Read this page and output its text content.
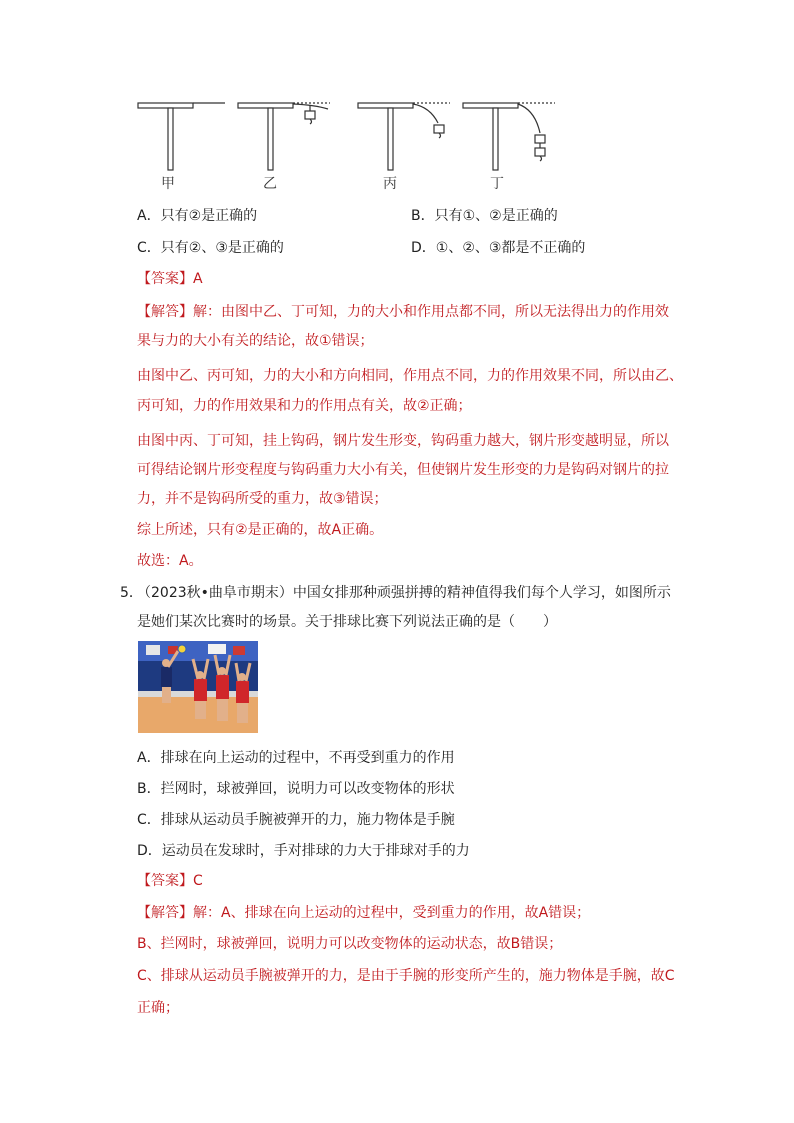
甲	乙	丙	丁
A．只有②是正确的	B．只有①、②是正确的
C．只有②、③是正确的	D．①、②、③都是不正确的
【答案】A
【解答】解：由图中乙、丁可知，力的大小和作用点都不同，所以无法得出力的作用效
果与力的大小有关的结论，故①错误；
由图中乙、丙可知，力的大小和方向相同，作用点不同，力的作用效果不同，所以由乙、
丙可知，力的作用效果和力的作用点有关，故②正确；
由图中丙、丁可知，挂上钩码，钢片发生形变，钩码重力越大，钢片形变越明显，所以
可得结论钢片形变程度与钩码重力大小有关，但使钢片发生形变的力是钩码对钢片的拉
力，并不是钩码所受的重力，故③错误；
综上所述，只有②是正确的，故A正确。
故选：A。
5．
（2023秋•曲阜市期末）中国女排那种顽强拼搏的精神值得我们每个人学习，如图所示
是她们某次比赛时的场景。关于排球比赛下列说法正确的是（　　）
A．排球在向上运动的过程中，不再受到重力的作用
B．拦网时，球被弹回，说明力可以改变物体的形状
C．排球从运动员手腕被弹开的力，施力物体是手腕
D．运动员在发球时，手对排球的力大于排球对手的力
【答案】C
【解答】解：A、排球在向上运动的过程中，受到重力的作用，故A错误；
B、拦网时，球被弹回，说明力可以改变物体的运动状态，故B错误；
C、排球从运动员手腕被弹开的力，是由于手腕的形变所产生的，施力物体是手腕，故C
正确；
